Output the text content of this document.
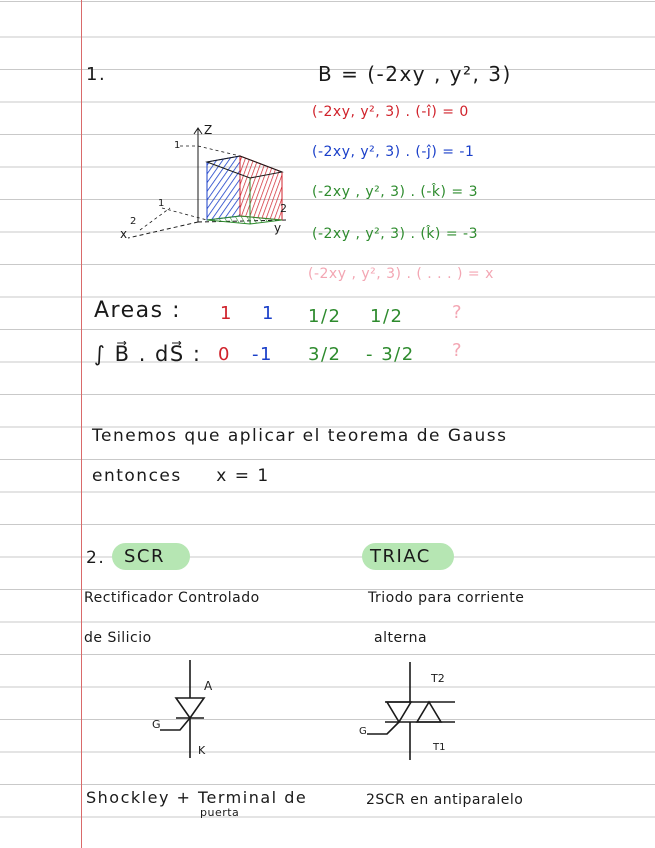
1.	B = (-2xy , y², 3)
(-2xy, y², 3) . (-î) = 0
(-2xy, y², 3) . (-ĵ) = -1
(-2xy , y², 3) . (-k̂) = 3
(-2xy , y², 3) . (k̂) = -3
(-2xy , y², 3) . ( . . . ) = x
Z
1
x
2
1	2
y
Areas : 1 1 1/2 1/2	?
∫ B⃗ . dS⃗ : 0 -1 3/2 - 3/2 ?
Tenemos que aplicar el teorema de Gauss
entonces     x = 1
2. SCR	TRIAC
Rectificador Controlado
de Silicio
Triodo para corriente
alterna
A
G
K
T2
G
T1
Shockley + Terminal de
puerta
2SCR en antiparalelo
